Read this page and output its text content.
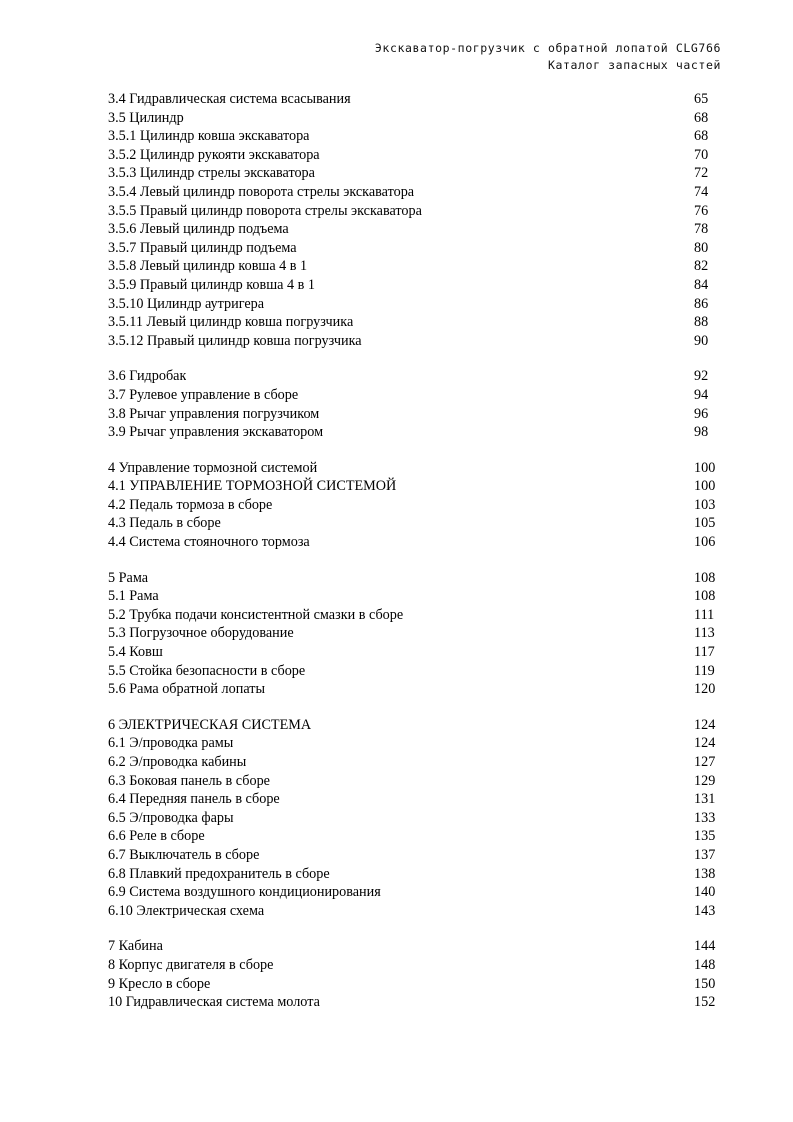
Экскаватор-погрузчик с обратной лопатой CLG766
Каталог запасных частей
3.4 Гидравлическая система всасывания	65
3.5 Цилиндр	68
3.5.1 Цилиндр ковша экскаватора	68
3.5.2 Цилиндр рукояти экскаватора	70
3.5.3 Цилиндр стрелы экскаватора	72
3.5.4 Левый цилиндр поворота стрелы экскаватора	74
3.5.5 Правый цилиндр поворота стрелы экскаватора	76
3.5.6 Левый цилиндр подъема	78
3.5.7 Правый цилиндр подъема	80
3.5.8 Левый цилиндр ковша 4 в 1	82
3.5.9 Правый цилиндр ковша 4 в 1	84
3.5.10 Цилиндр аутригера	86
3.5.11 Левый цилиндр ковша погрузчика	88
3.5.12 Правый цилиндр ковша погрузчика	90
3.6 Гидробак	92
3.7 Рулевое управление в сборе	94
3.8 Рычаг управления погрузчиком	96
3.9 Рычаг управления экскаватором	98
4 Управление тормозной системой	100
4.1 УПРАВЛЕНИЕ ТОРМОЗНОЙ СИСТЕМОЙ	100
4.2 Педаль тормоза в сборе	103
4.3 Педаль в сборе	105
4.4 Система стояночного тормоза	106
5 Рама	108
5.1 Рама	108
5.2 Трубка подачи консистентной смазки в сборе	111
5.3 Погрузочное оборудование	113
5.4 Ковш	117
5.5 Стойка безопасности в сборе	119
5.6 Рама обратной лопаты	120
6 ЭЛЕКТРИЧЕСКАЯ СИСТЕМА	124
6.1 Э/проводка рамы	124
6.2 Э/проводка кабины	127
6.3 Боковая панель в сборе	129
6.4 Передняя панель в сборе	131
6.5 Э/проводка фары	133
6.6 Реле в сборе	135
6.7 Выключатель в сборе	137
6.8 Плавкий предохранитель в сборе	138
6.9 Система воздушного кондиционирования	140
6.10 Электрическая схема	143
7 Кабина	144
8 Корпус двигателя в сборе	148
9 Кресло в сборе	150
10 Гидравлическая система молота	152
